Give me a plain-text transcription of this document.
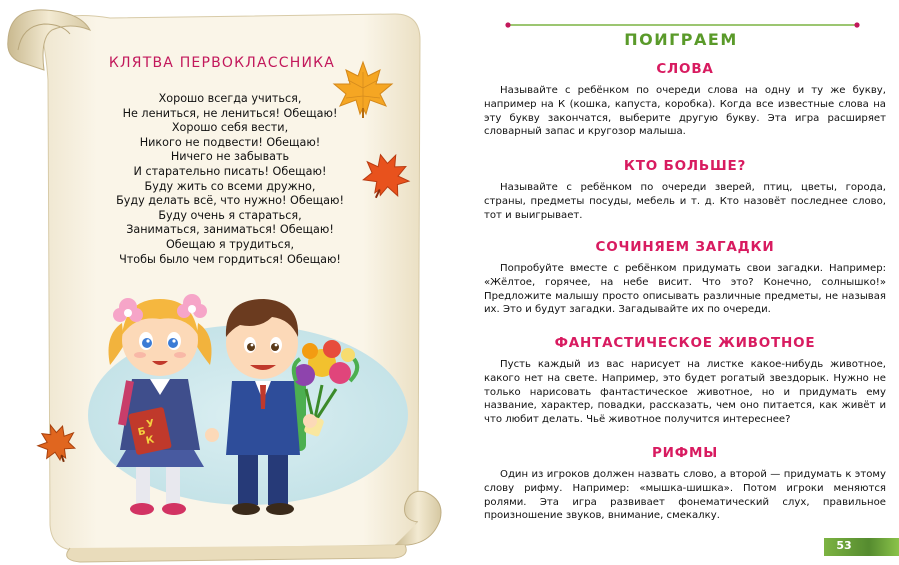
КЛЯТВА ПЕРВОКЛАССНИКА
Хорошо всегда учиться,
Не лениться, не лениться! Обещаю!
Хорошо себя вести,
Никого не подвести! Обещаю!
Ничего не забывать
И старательно писать! Обещаю!
Буду жить со всеми дружно,
Буду делать всё, что нужно! Обещаю!
Буду очень я стараться,
Заниматься, заниматься! Обещаю!
Обещаю я трудиться,
Чтобы было чем гордиться! Обещаю!
Б
У
К
ПОИГРАЕМ
СЛОВА

Называйте с ребёнком по очереди слова на одну и ту же букву, например на К (кошка, капуста, коробка). Когда все известные слова на эту букву закончатся, выберите другую букву. Эта игра расширяет словарный запас и кругозор малыша.

КТО БОЛЬШЕ?

Называйте с ребёнком по очереди зверей, птиц, цветы, города, страны, предметы посуды, мебель и т. д. Кто назовёт последнее слово, тот и выигрывает.

СОЧИНЯЕМ ЗАГАДКИ

Попробуйте вместе с ребёнком придумать свои загадки. Например: «Жёлтое, горячее, на небе висит. Что это? Конечно, солнышко!» Предложите малышу просто описывать различные предметы, не называя их. Это и будут загадки. Загадывайте их по очереди.

ФАНТАСТИЧЕСКОЕ ЖИВОТНОЕ

Пусть каждый из вас нарисует на листке какое-нибудь животное, какого нет на свете. Например, это будет рогатый звездорык. Нужно не только нарисовать фантастическое животное, но и придумать ему название, характер, повадки, рассказать, чем оно питается, как живёт и что любит делать. Чьё животное получится интереснее?

РИФМЫ

Один из игроков должен назвать слово, а второй — придумать к этому слову рифму. Например: «мышка-шишка». Потом игроки меняются ролями. Эта игра развивает фонематический слух, правильное произношение звуков, внимание, смекалку.

53
